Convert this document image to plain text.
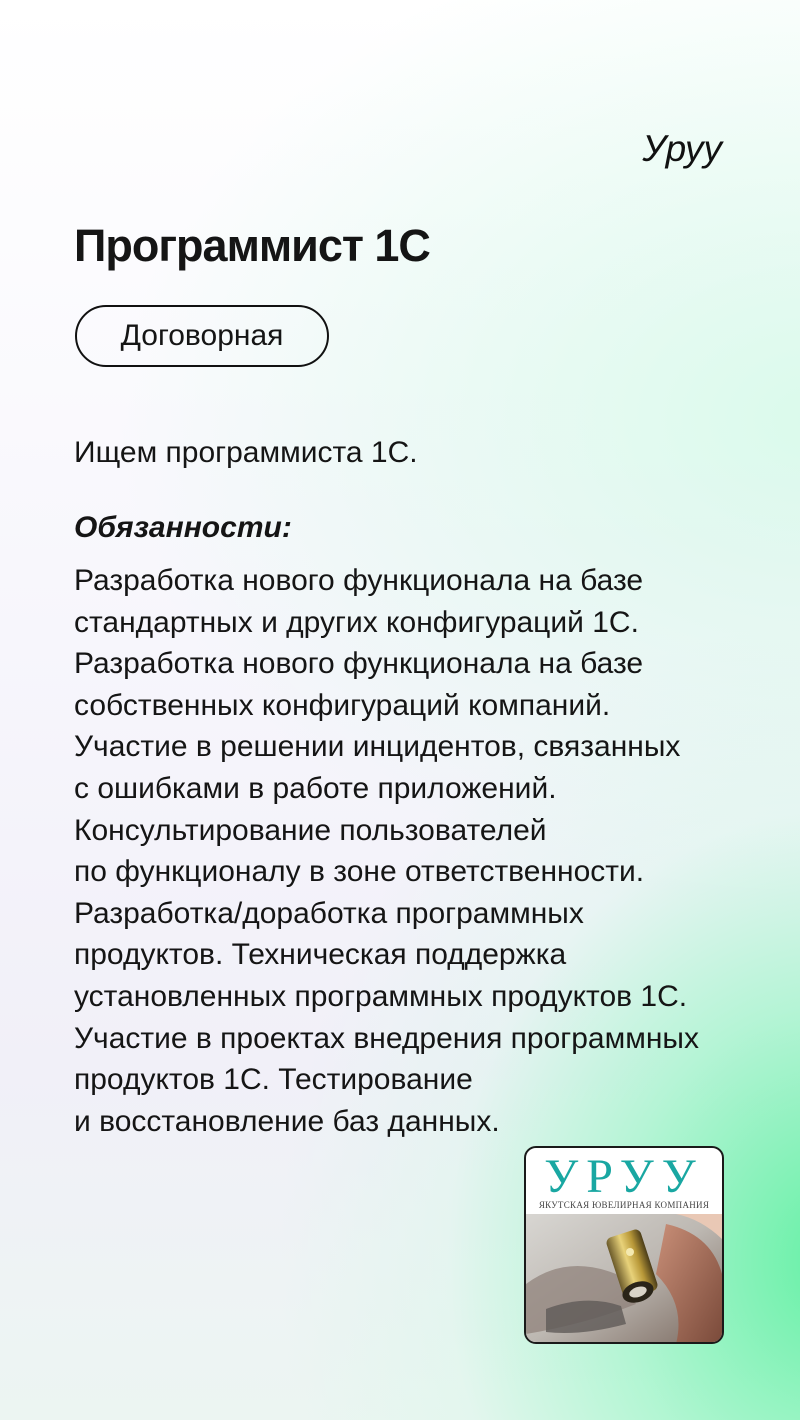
Уруу
Программист 1С
Договорная
Ищем программиста 1С.
Обязанности:
Разработка нового функционала на базе
стандартных и других конфигураций 1С.
Разработка нового функционала на базе
собственных конфигураций компаний.
Участие в решении инцидентов, связанных
с ошибками в работе приложений.
Консультирование пользователей
по функционалу в зоне ответственности.
Разработка/доработка программных
продуктов. Техническая поддержка
установленных программных продуктов 1С.
Участие в проектах внедрения программных
продуктов 1С. Тестирование
и восстановление баз данных.
УРУУ
ЯКУТСКАЯ ЮВЕЛИРНАЯ КОМПАНИЯ
